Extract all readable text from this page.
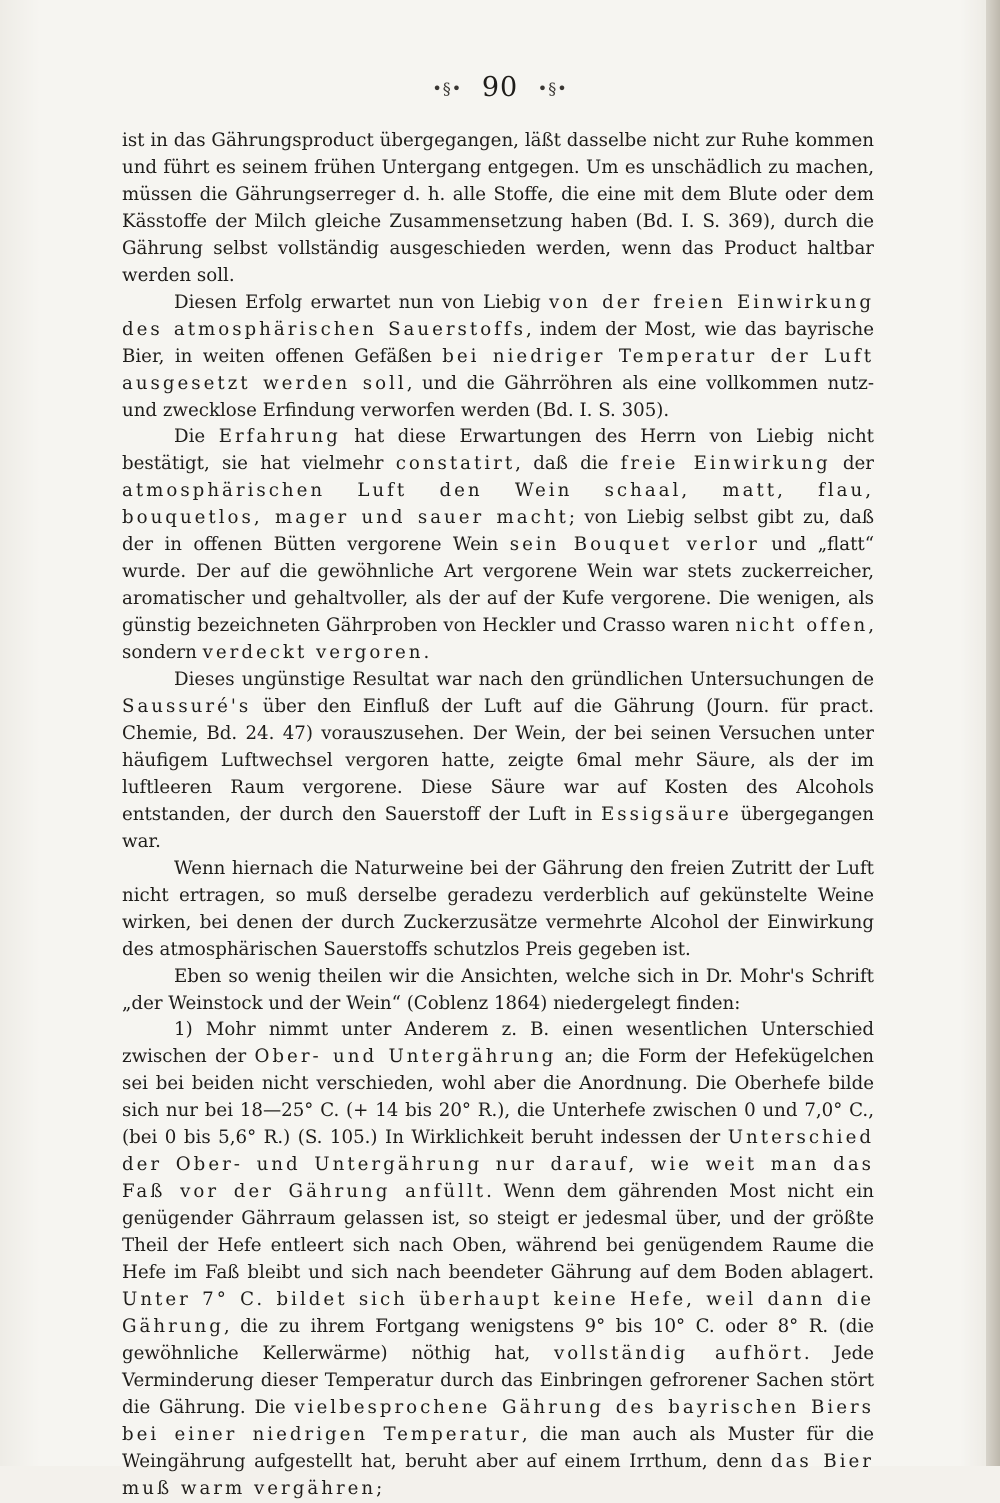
•§• 90 •§•

ist in das Gährungsproduct übergegangen, läßt dasselbe nicht zur Ruhe kommen und führt es seinem frühen Untergang entgegen. Um es unschädlich zu machen, müssen die Gährungserreger d. h. alle Stoffe, die eine mit dem Blute oder dem Kässtoffe der Milch gleiche Zusammensetzung haben (Bd. I. S. 369), durch die Gährung selbst vollständig ausgeschieden werden, wenn das Product haltbar werden soll.

Diesen Erfolg erwartet nun von Liebig von der freien Einwirkung des atmosphärischen Sauerstoffs, indem der Most, wie das bayrische Bier, in weiten offenen Gefäßen bei niedriger Temperatur der Luft ausgesetzt werden soll, und die Gährröhren als eine vollkommen nutz- und zwecklose Erfindung verworfen werden (Bd. I. S. 305).

Die Erfahrung hat diese Erwartungen des Herrn von Liebig nicht bestätigt, sie hat vielmehr constatirt, daß die freie Einwirkung der atmosphärischen Luft den Wein schaal, matt, flau, bouquetlos, mager und sauer macht; von Liebig selbst gibt zu, daß der in offenen Bütten vergorene Wein sein Bouquet verlor und „flatt“ wurde. Der auf die gewöhnliche Art vergorene Wein war stets zuckerreicher, aromatischer und gehaltvoller, als der auf der Kufe vergorene. Die wenigen, als günstig bezeichneten Gährproben von Heckler und Crasso waren nicht offen, sondern verdeckt vergoren.

Dieses ungünstige Resultat war nach den gründlichen Untersuchungen de Saussuré's über den Einfluß der Luft auf die Gährung (Journ. für pract. Chemie, Bd. 24. 47) vorauszusehen. Der Wein, der bei seinen Versuchen unter häufigem Luftwechsel vergoren hatte, zeigte 6mal mehr Säure, als der im luftleeren Raum vergorene. Diese Säure war auf Kosten des Alcohols entstanden, der durch den Sauerstoff der Luft in Essigsäure übergegangen war.

Wenn hiernach die Naturweine bei der Gährung den freien Zutritt der Luft nicht ertragen, so muß derselbe geradezu verderblich auf gekünstelte Weine wirken, bei denen der durch Zuckerzusätze vermehrte Alcohol der Einwirkung des atmosphärischen Sauerstoffs schutzlos Preis gegeben ist.

Eben so wenig theilen wir die Ansichten, welche sich in Dr. Mohr's Schrift „der Weinstock und der Wein“ (Coblenz 1864) niedergelegt finden:

1) Mohr nimmt unter Anderem z. B. einen wesentlichen Unterschied zwischen der Ober- und Untergährung an; die Form der Hefekügelchen sei bei beiden nicht verschieden, wohl aber die Anordnung. Die Oberhefe bilde sich nur bei 18—25° C. (+ 14 bis 20° R.), die Unterhefe zwischen 0 und 7,0° C., (bei 0 bis 5,6° R.) (S. 105.) In Wirklichkeit beruht indessen der Unterschied der Ober- und Untergährung nur darauf, wie weit man das Faß vor der Gährung anfüllt. Wenn dem gährenden Most nicht ein genügender Gährraum gelassen ist, so steigt er jedesmal über, und der größte Theil der Hefe entleert sich nach Oben, während bei genügendem Raume die Hefe im Faß bleibt und sich nach beendeter Gährung auf dem Boden ablagert. Unter 7° C. bildet sich überhaupt keine Hefe, weil dann die Gährung, die zu ihrem Fortgang wenigstens 9° bis 10° C. oder 8° R. (die gewöhnliche Kellerwärme) nöthig hat, vollständig aufhört. Jede Verminderung dieser Temperatur durch das Einbringen gefrorener Sachen stört die Gährung. Die vielbesprochene Gährung des bayrischen Biers bei einer niedrigen Temperatur, die man auch als Muster für die Weingährung aufgestellt hat, beruht aber auf einem Irrthum, denn das Bier muß warm vergähren;
